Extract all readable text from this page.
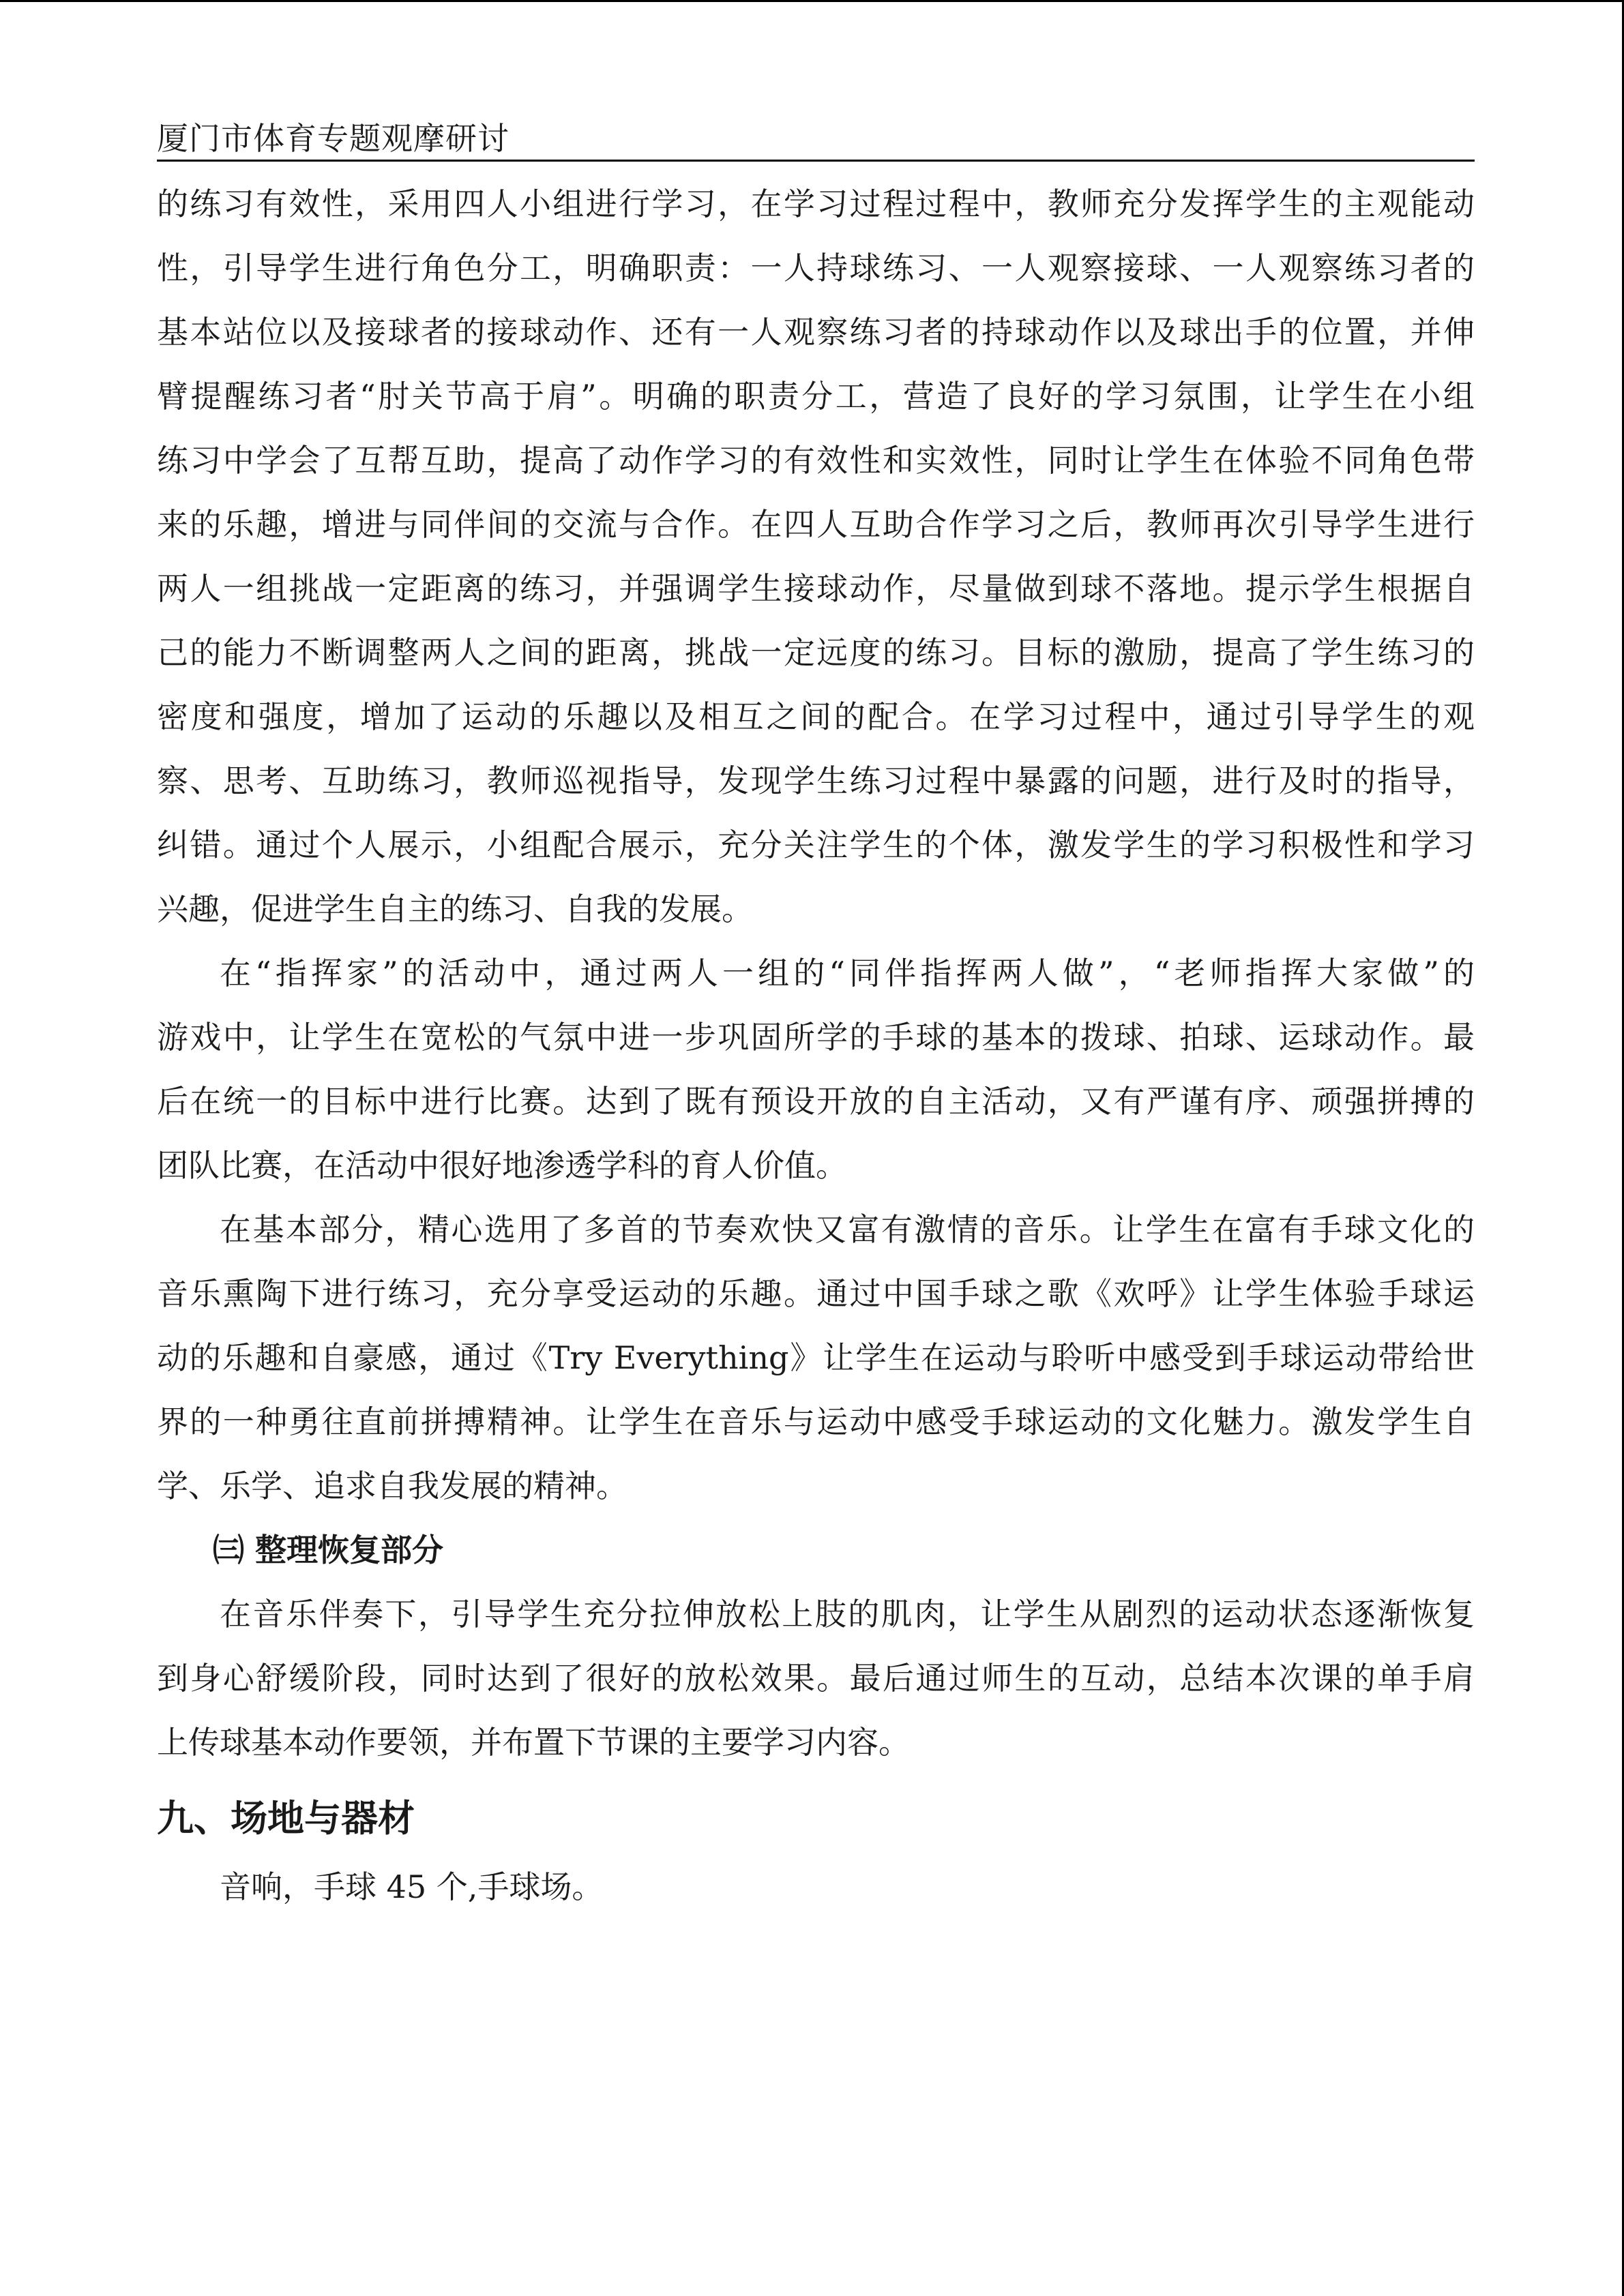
厦门市体育专题观摩研讨
的练习有效性，采用四人小组进行学习，在学习过程过程中，教师充分发挥学生的主观能动
性，引导学生进行角色分工，明确职责：一人持球练习、一人观察接球、一人观察练习者的
基本站位以及接球者的接球动作、还有一人观察练习者的持球动作以及球出手的位置，并伸
臂提醒练习者“肘关节高于肩”。明确的职责分工，营造了良好的学习氛围，让学生在小组
练习中学会了互帮互助，提高了动作学习的有效性和实效性，同时让学生在体验不同角色带
来的乐趣，增进与同伴间的交流与合作。在四人互助合作学习之后，教师再次引导学生进行
两人一组挑战一定距离的练习，并强调学生接球动作，尽量做到球不落地。提示学生根据自
己的能力不断调整两人之间的距离，挑战一定远度的练习。目标的激励，提高了学生练习的
密度和强度，增加了运动的乐趣以及相互之间的配合。在学习过程中，通过引导学生的观
察、思考、互助练习，教师巡视指导，发现学生练习过程中暴露的问题，进行及时的指导，
纠错。通过个人展示，小组配合展示，充分关注学生的个体，激发学生的学习积极性和学习
兴趣，促进学生自主的练习、自我的发展。
在“指挥家”的活动中，通过两人一组的“同伴指挥两人做”，“老师指挥大家做”的
游戏中，让学生在宽松的气氛中进一步巩固所学的手球的基本的拨球、拍球、运球动作。最
后在统一的目标中进行比赛。达到了既有预设开放的自主活动，又有严谨有序、顽强拼搏的
团队比赛，在活动中很好地渗透学科的育人价值。
在基本部分，精心选用了多首的节奏欢快又富有激情的音乐。让学生在富有手球文化的
音乐熏陶下进行练习，充分享受运动的乐趣。通过中国手球之歌《欢呼》让学生体验手球运
动的乐趣和自豪感，通过《Try Everything》让学生在运动与聆听中感受到手球运动带给世
界的一种勇往直前拼搏精神。让学生在音乐与运动中感受手球运动的文化魅力。激发学生自
学、乐学、追求自我发展的精神。
㈢ 整理恢复部分
在音乐伴奏下，引导学生充分拉伸放松上肢的肌肉，让学生从剧烈的运动状态逐渐恢复
到身心舒缓阶段，同时达到了很好的放松效果。最后通过师生的互动，总结本次课的单手肩
上传球基本动作要领，并布置下节课的主要学习内容。
九、场地与器材
音响，手球 45 个,手球场。
